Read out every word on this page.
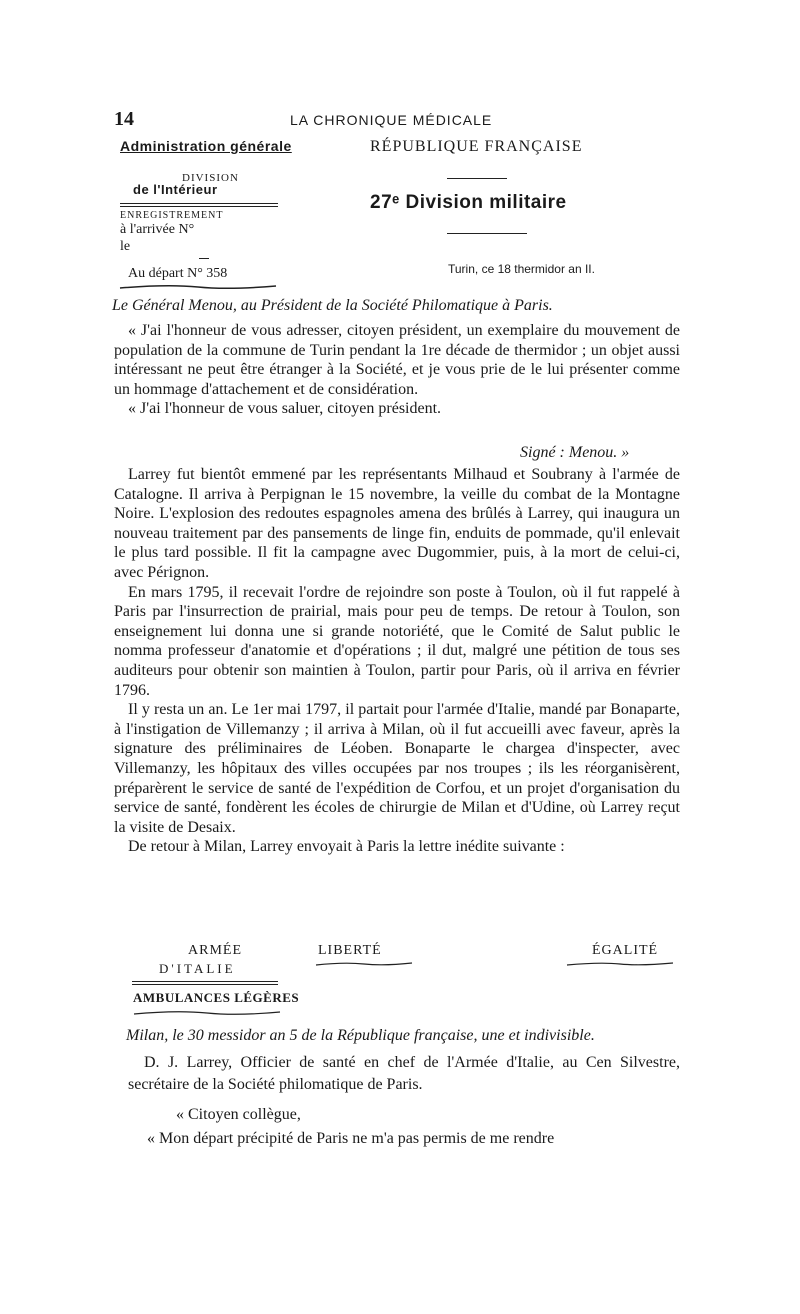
14	LA CHRONIQUE MÉDICALE
Administration générale	RÉPUBLIQUE FRANÇAISE
DIVISION
de l'Intérieur
ENREGISTREMENT
à l'arrivée N°
le
Au départ N° 358
27ᵉ Division militaire
Turin, ce 18 thermidor an II.
Le Général Menou, au Président de la Société Philomatique à Paris.

« J'ai l'honneur de vous adresser, citoyen président, un exemplaire du mouvement de population de la commune de Turin pendant la 1re décade de thermidor ; un objet aussi intéressant ne peut être étranger à la Société, et je vous prie de le lui présenter comme un hommage d'attachement et de considération.

« J'ai l'honneur de vous saluer, citoyen président.

Signé : Menou. »

Larrey fut bientôt emmené par les représentants Milhaud et Soubrany à l'armée de Catalogne. Il arriva à Perpignan le 15 novembre, la veille du combat de la Montagne Noire. L'explosion des redoutes espagnoles amena des brûlés à Larrey, qui inaugura un nouveau traitement par des pansements de linge fin, enduits de pommade, qu'il enlevait le plus tard possible. Il fit la campagne avec Dugommier, puis, à la mort de celui-ci, avec Pérignon.

En mars 1795, il recevait l'ordre de rejoindre son poste à Toulon, où il fut rappelé à Paris par l'insurrection de prairial, mais pour peu de temps. De retour à Toulon, son enseignement lui donna une si grande notoriété, que le Comité de Salut public le nomma professeur d'anatomie et d'opérations ; il dut, malgré une pétition de tous ses auditeurs pour obtenir son maintien à Toulon, partir pour Paris, où il arriva en février 1796.

Il y resta un an. Le 1er mai 1797, il partait pour l'armée d'Italie, mandé par Bonaparte, à l'instigation de Villemanzy ; il arriva à Milan, où il fut accueilli avec faveur, après la signature des préliminaires de Léoben. Bonaparte le chargea d'inspecter, avec Villemanzy, les hôpitaux des villes occupées par nos troupes ; ils les réorganisèrent, préparèrent le service de santé de l'expédition de Corfou, et un projet d'organisation du service de santé, fondèrent les écoles de chirurgie de Milan et d'Udine, où Larrey reçut la visite de Desaix.

De retour à Milan, Larrey envoyait à Paris la lettre inédite suivante :

ARMÉE
D'ITALIE
LIBERTÉ	ÉGALITÉ
AMBULANCES LÉGÈRES
Milan, le 30 messidor an 5 de la République française, une et indivisible.
D. J. Larrey, Officier de santé en chef de l'Armée d'Italie, au Cen Silvestre, secrétaire de la Société philomatique de Paris.
« Citoyen collègue,
« Mon départ précipité de Paris ne m'a pas permis de me rendre
